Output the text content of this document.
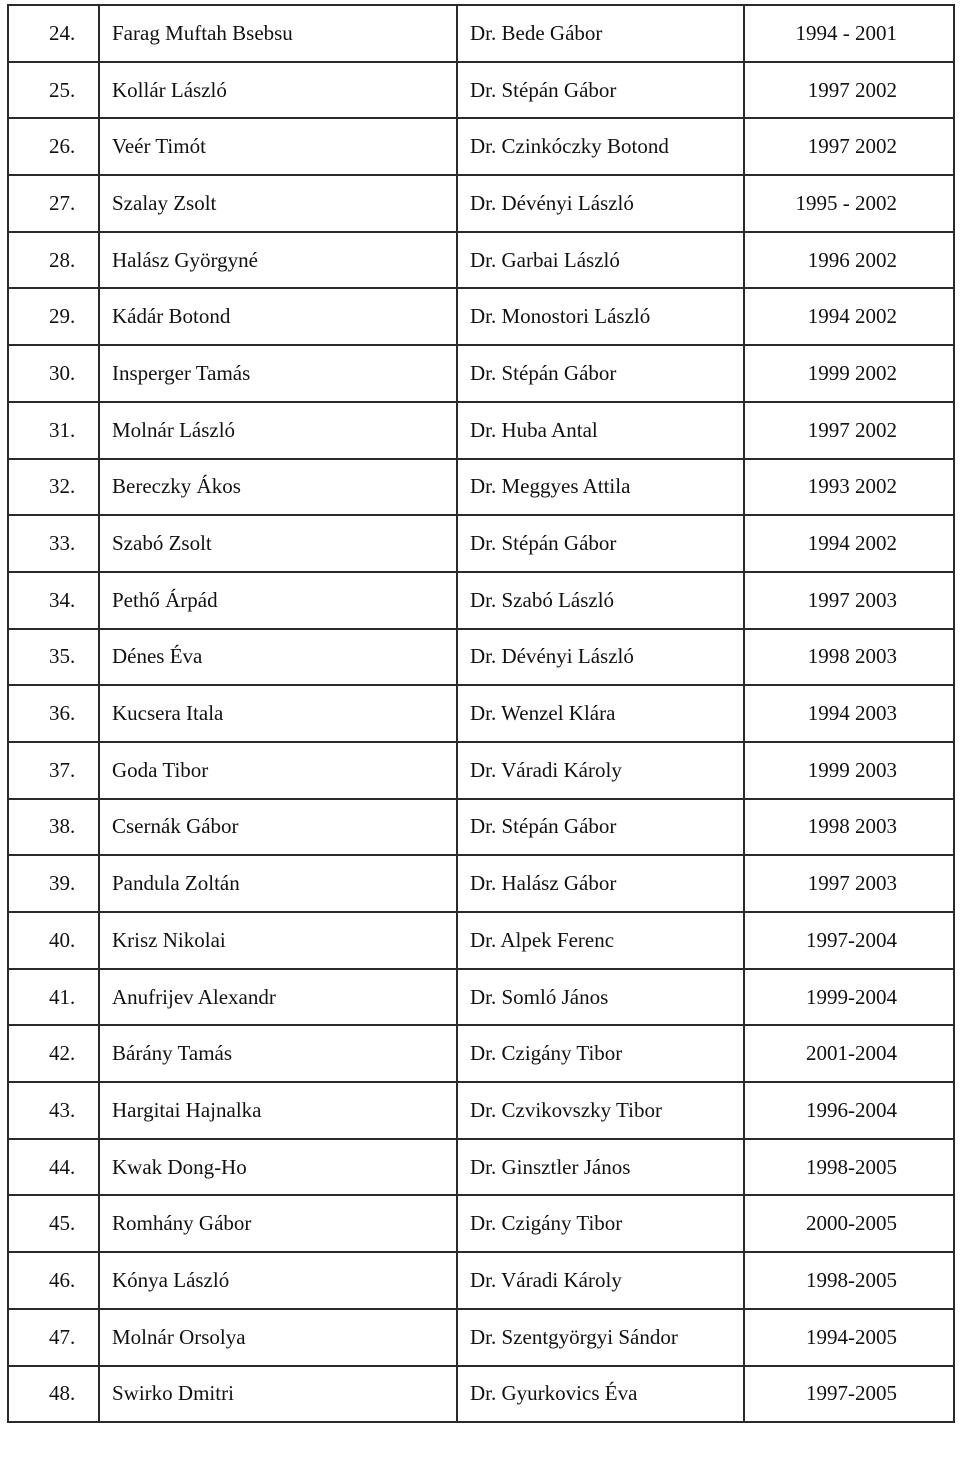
24.	Farag Muftah Bsebsu	Dr. Bede Gábor	1994 - 2001
25.	Kollár László	Dr. Stépán Gábor	1997 2002
26.	Veér Timót	Dr. Czinkóczky Botond	1997 2002
27.	Szalay Zsolt	Dr. Dévényi László	1995 - 2002
28.	Halász Györgyné	Dr. Garbai László	1996 2002
29.	Kádár Botond	Dr. Monostori László	1994 2002
30.	Insperger Tamás	Dr. Stépán Gábor	1999 2002
31.	Molnár László	Dr. Huba Antal	1997 2002
32.	Bereczky Ákos	Dr. Meggyes Attila	1993 2002
33.	Szabó Zsolt	Dr. Stépán Gábor	1994 2002
34.	Pethő Árpád	Dr. Szabó László	1997 2003
35.	Dénes Éva	Dr. Dévényi László	1998 2003
36.	Kucsera Itala	Dr. Wenzel Klára	1994 2003
37.	Goda Tibor	Dr. Váradi Károly	1999 2003
38.	Csernák Gábor	Dr. Stépán Gábor	1998 2003
39.	Pandula Zoltán	Dr. Halász Gábor	1997 2003
40.	Krisz Nikolai	Dr. Alpek Ferenc	1997-2004
41.	Anufrijev Alexandr	Dr. Somló János	1999-2004
42.	Bárány Tamás	Dr. Czigány Tibor	2001-2004
43.	Hargitai Hajnalka	Dr. Czvikovszky Tibor	1996-2004
44.	Kwak Dong-Ho	Dr. Ginsztler János	1998-2005
45.	Romhány Gábor	Dr. Czigány Tibor	2000-2005
46.	Kónya László	Dr. Váradi Károly	1998-2005
47.	Molnár Orsolya	Dr. Szentgyörgyi Sándor	1994-2005
48.	Swirko Dmitri	Dr. Gyurkovics Éva	1997-2005
